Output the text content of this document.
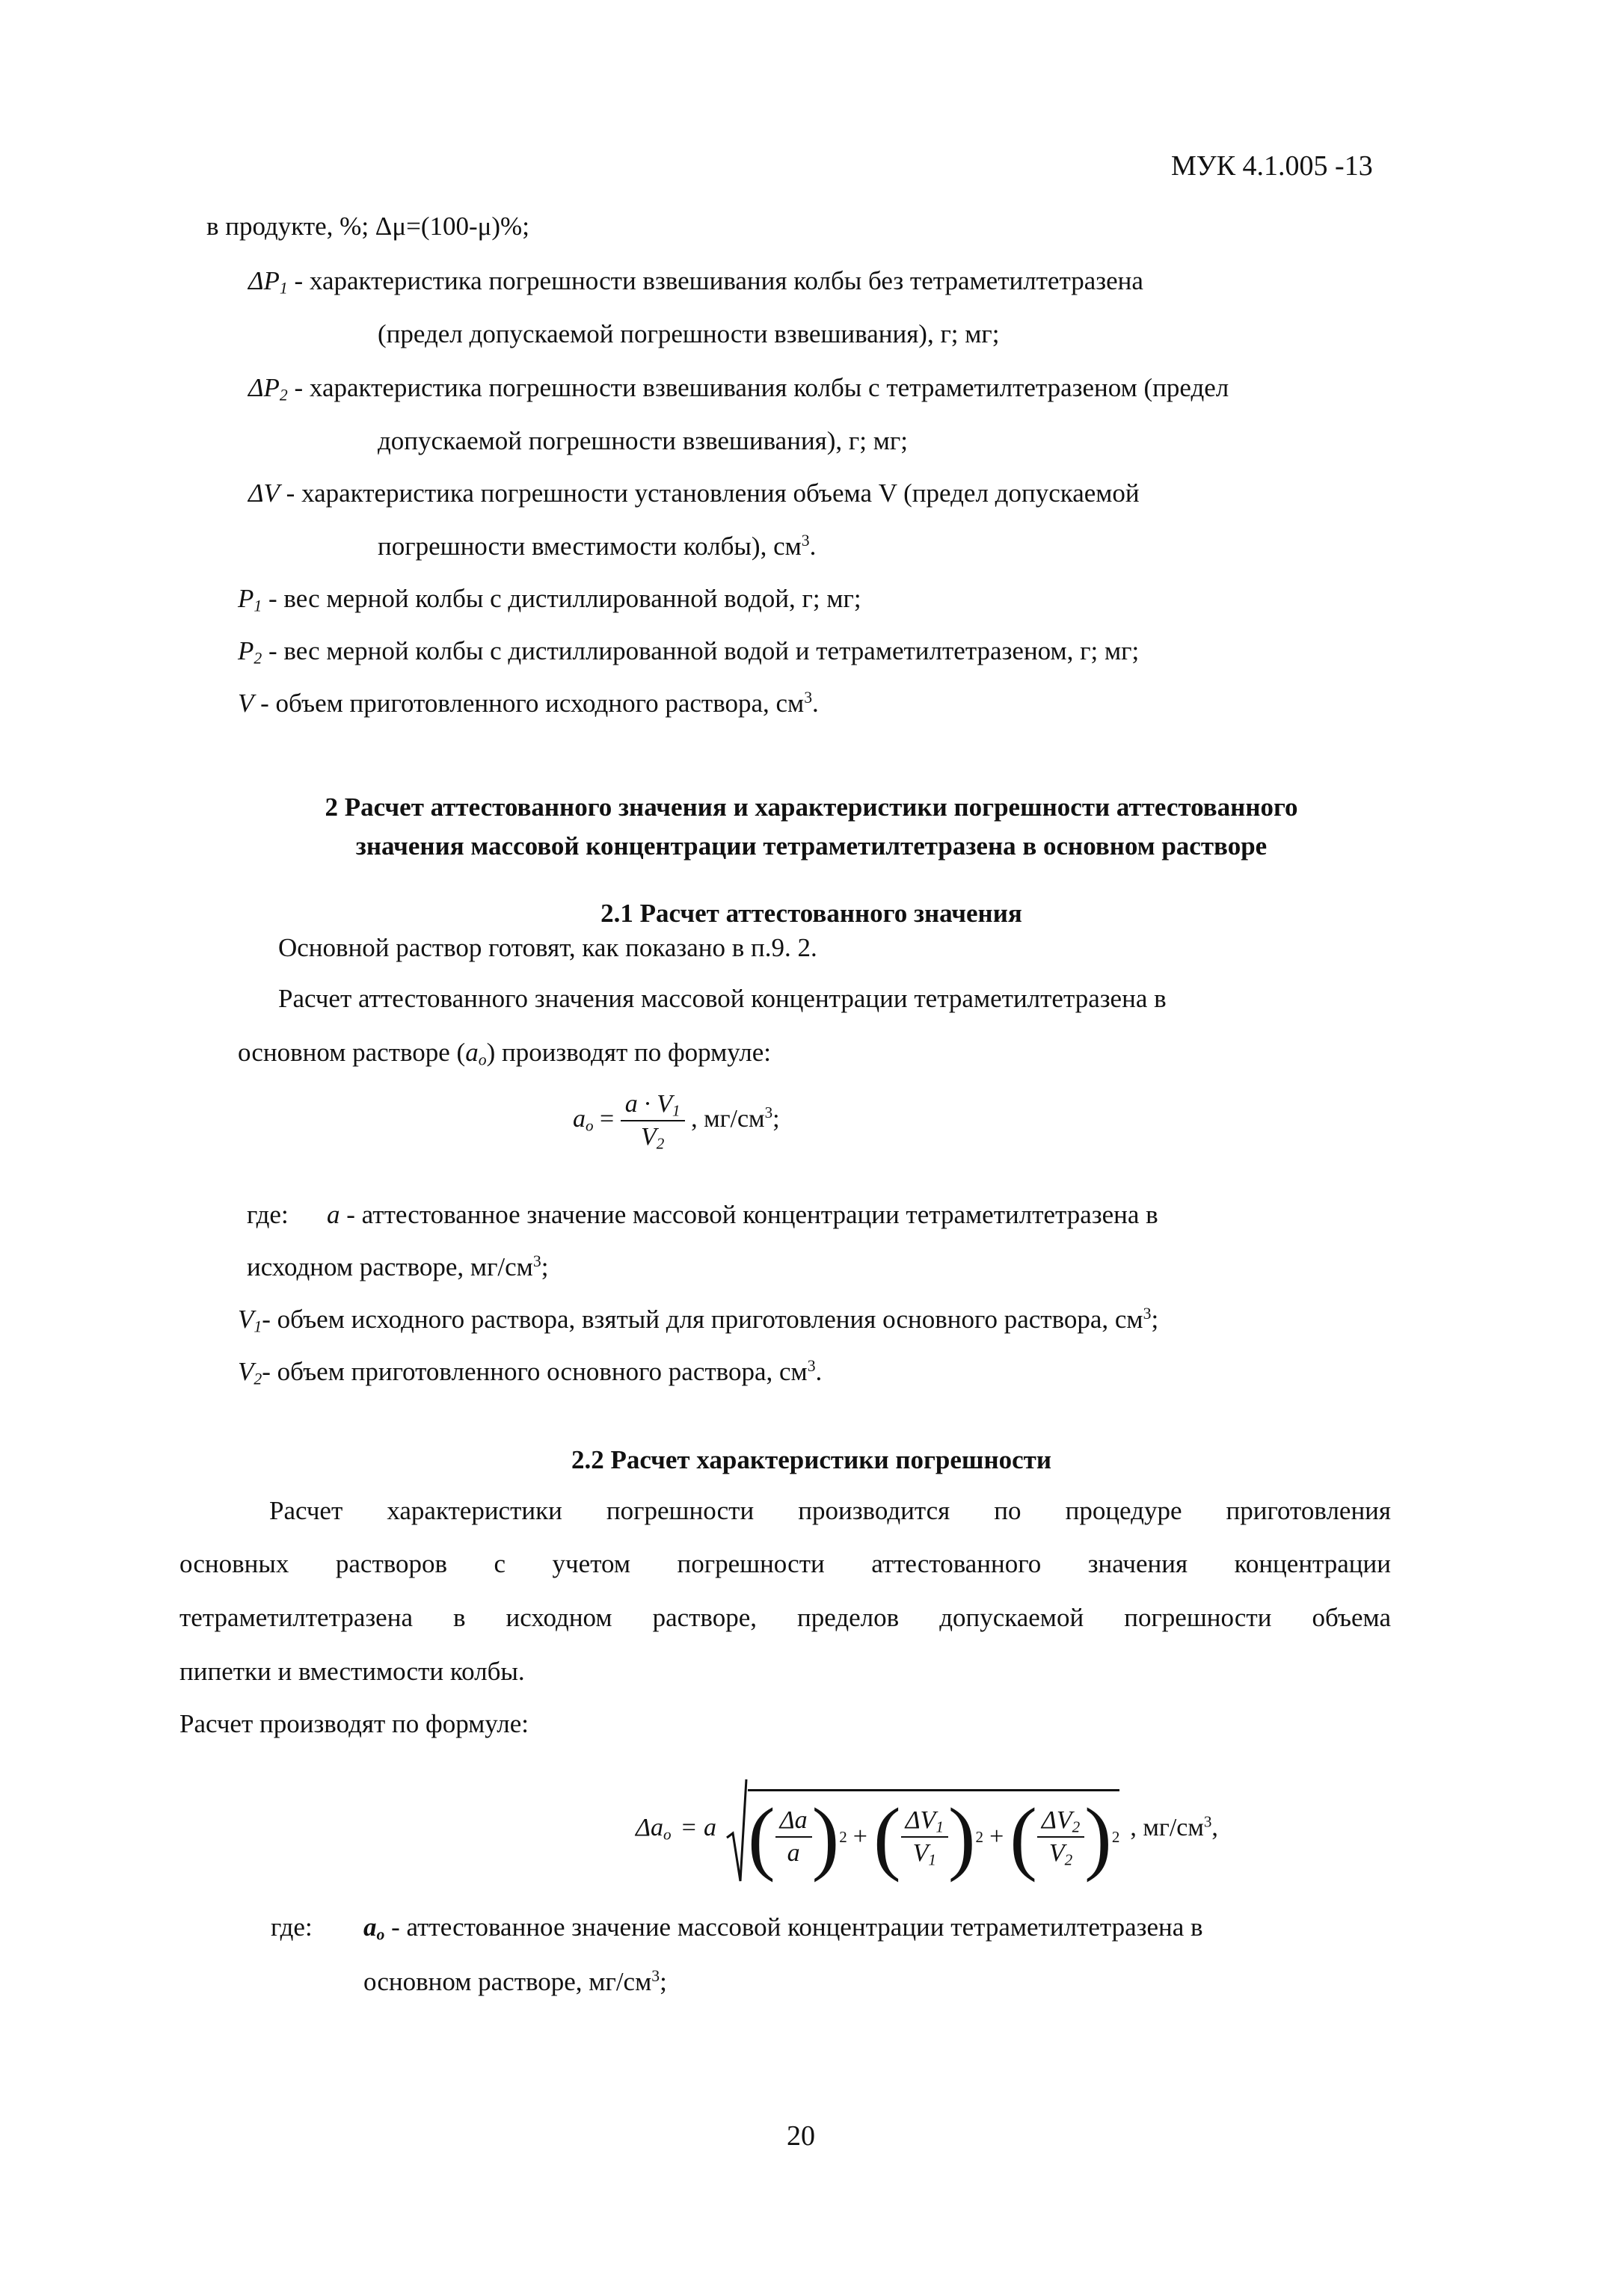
МУК 4.1.005 -13
в продукте, %; Δμ=(100-μ)%;
$\Delta P_1$ - характеристика погрешности взвешивания колбы без тетраметилтетразена
(предел допускаемой погрешности взвешивания), г; мг;
$\Delta P_2$ - характеристика погрешности взвешивания колбы с тетраметилтетразеном (предел
допускаемой погрешности взвешивания), г; мг;
ΔV - характеристика погрешности установления объема V (предел допускаемой
погрешности вместимости колбы), $см^3$.
$P_1$ - вес мерной колбы с дистиллированной водой, г; мг;
$P_2$ - вес мерной колбы с дистиллированной водой и тетраметилтетразеном, г; мг;
V - объем приготовленного исходного раствора, $см^3$.
2 Расчет аттестованного значения и характеристики погрешности аттестованного
значения массовой концентрации тетраметилтетразена в основном растворе
2.1 Расчет аттестованного значения
Основной раствор готовят, как показано в п.9. 2.
Расчет аттестованного значения массовой концентрации тетраметилтетразена в
основном растворе $(a_o)$ производят по формуле:
$a_o = \frac{a \cdot V_1}{V_2}$ , $мг/см^3$;
где: a - аттестованное значение массовой концентрации тетраметилтетразена в
исходном растворе, $мг/см^3$;
$V_1-$ объем исходного раствора, взятый для приготовления основного раствора, $см^3$;
$V_2-$ объем приготовленного основного раствора, $см^3$.
2.2 Расчет характеристики погрешности
Расчет характеристики погрешности производится по процедуре приготовления
основных растворов с учетом погрешности аттестованного значения концентрации
тетраметилтетразена в исходном растворе, пределов допускаемой погрешности объема
пипетки и вместимости колбы.
Расчет производят по формуле:
$\Delta a_o = a$ ( $\frac{\Delta a}{a}$ ) 2 + ( $\frac{\Delta V_1}{V_1}$ ) 2 + ( $\frac{\Delta V_2}{V_2}$ ) 2 , $мг/см^3$,
где: $a_o$ - аттестованное значение массовой концентрации тетраметилтетразена в
основном растворе, $мг/см^3$;
20
